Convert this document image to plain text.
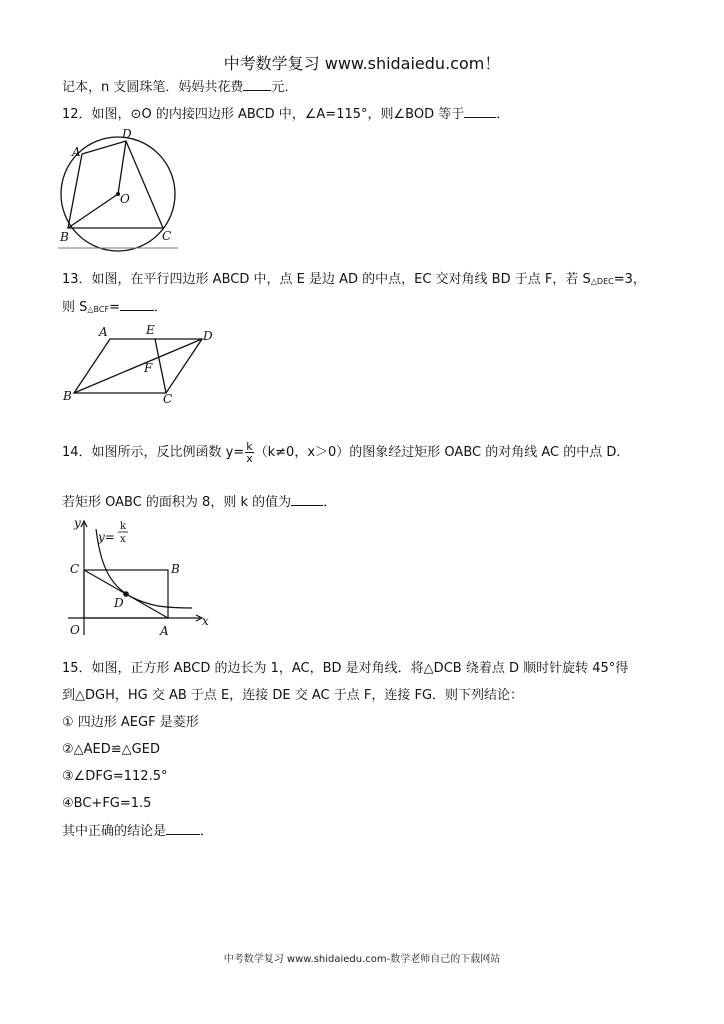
中考数学复习 www.shidaiedu.com！
记本，n 支圆珠笔．妈妈共花费 元．
12．如图，⊙O 的内接四边形 ABCD 中，∠A=115°，则∠BOD 等于 ．
A
D
O
B	C
13．如图，在平行四边形 ABCD 中，点 E 是边 AD 的中点，EC 交对角线 BD 于点 F，若 S△DEC=3，
则 S△BCF=	．
A	E	D
F
B	C
14．如图所示，反比例函数 $y= \frac{k}{x} (k\ne 0$，x＞0）的图象经过矩形 OABC 的对角线 AC 的中点 D．
若矩形 OABC 的面积为 8，则 k 的值为 ．
y
y=
k
x
C	B
D
O	A
x
15．如图，正方形 ABCD 的边长为 1，AC，BD 是对角线．将△DCB 绕着点 D 顺时针旋转 45°得
到△DGH，HG 交 AB 于点 E，连接 DE 交 AC 于点 F，连接 FG．则下列结论：
① 四边形 AEGF 是菱形
②△AED≌△GED
③∠DFG=112.5°
④BC+FG=1.5
其中正确的结论是	．
中考数学复习 www.shidaiedu.com-数学老师自己的下载网站
